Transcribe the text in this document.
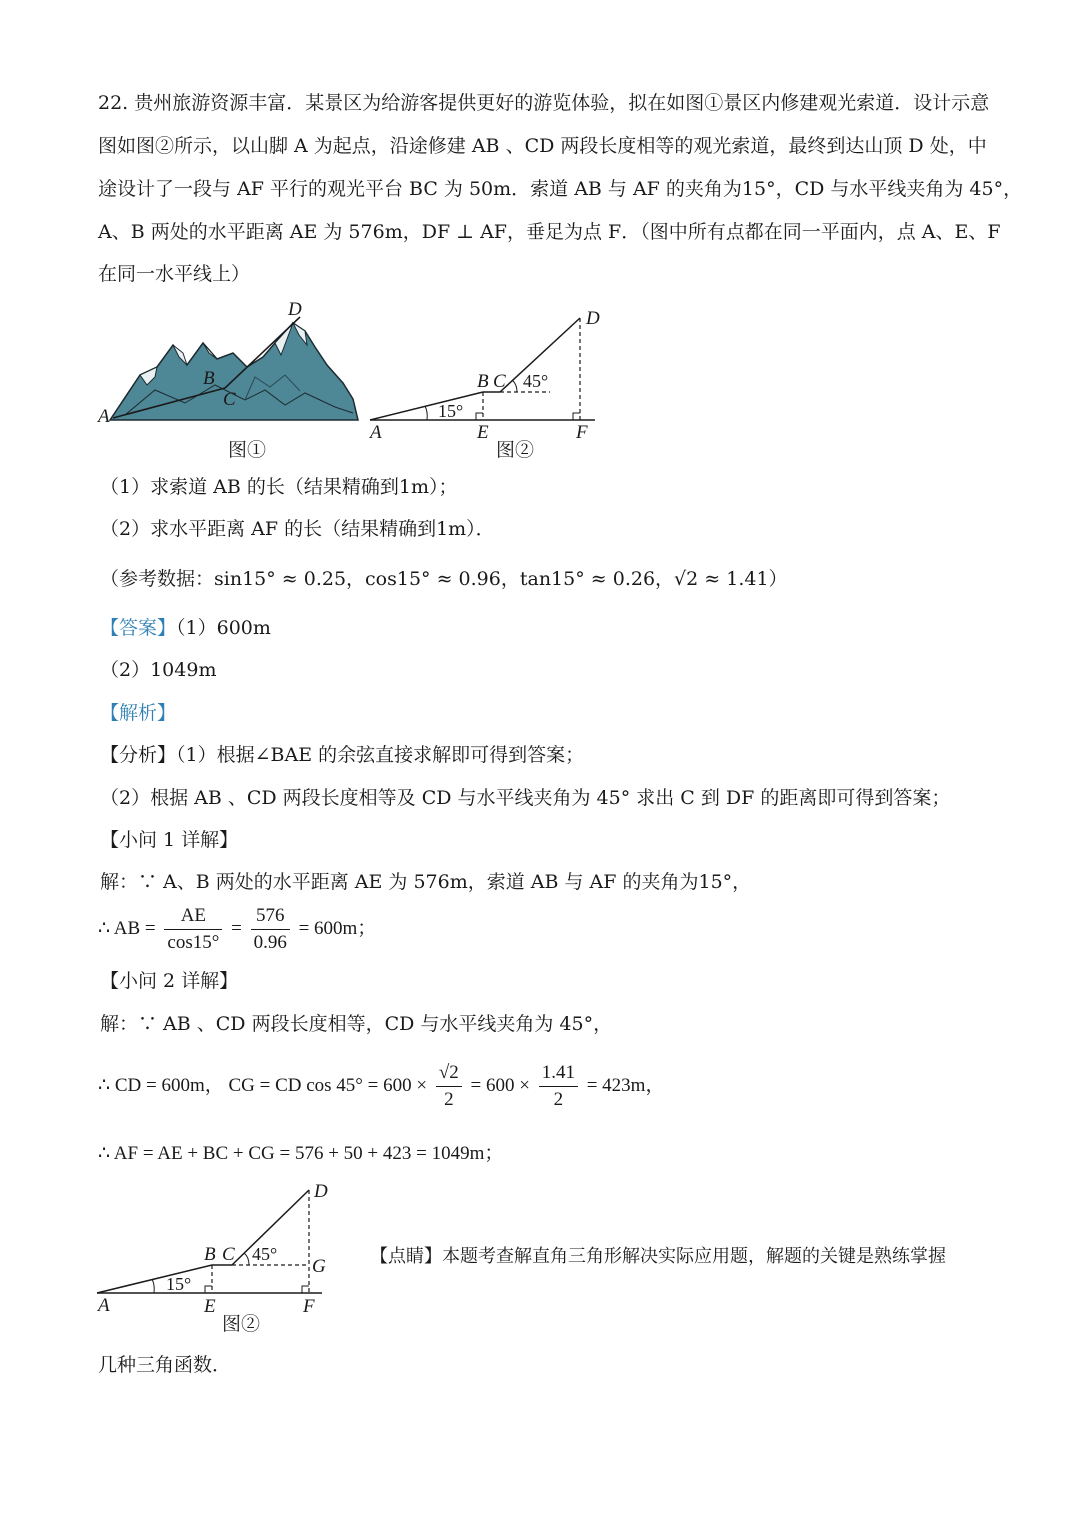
22. 贵州旅游资源丰富．某景区为给游客提供更好的游览体验，拟在如图①景区内修建观光索道．设计示意
图如图②所示，以山脚 A 为起点，沿途修建 AB 、CD 两段长度相等的观光索道，最终到达山顶 D 处，中
途设计了一段与 AF 平行的观光平台 BC 为 50m．索道 AB 与 AF 的夹角为15°，CD 与水平线夹角为 45°，
A、B 两处的水平距离 AE 为 576m，DF ⊥ AF，垂足为点 F．（图中所有点都在同一平面内，点 A、E、F
在同一水平线上）
A
B
C
D
图①
15°
45°
A
B C
D
E	F
图②
（1）求索道 AB 的长（结果精确到1m）；
（2）求水平距离 AF 的长（结果精确到1m）．
（参考数据：sin15° ≈ 0.25，cos15° ≈ 0.96，tan15° ≈ 0.26，√2 ≈ 1.41）
【答案】（1）600m
（2）1049m
【解析】
【分析】（1）根据∠BAE 的余弦直接求解即可得到答案；
（2）根据 AB 、CD 两段长度相等及 CD 与水平线夹角为 45° 求出 C 到 DF 的距离即可得到答案；
【小问 1 详解】
解：∵ A、B 两处的水平距离 AE 为 576m，索道 AB 与 AF 的夹角为15°，
∴ AB = $\frac{AE}{\cos 15^\circ} = \frac{576}{0.96} = 600m$；
【小问 2 详解】
解：∵ AB 、CD 两段长度相等，CD 与水平线夹角为 45°，
∴ CD = 600m， CG = CD $\cos 45^\circ = 600 \times \frac{√2}{2} = 600 \times \frac{1.41}{2} = 423m$，
∴ AF = AE + BC + CG = 576 + 50 + 423 = 1049m；
15°
45°
A
B C
D
E	F
G
图②
【点睛】本题考查解直角三角形解决实际应用题，解题的关键是熟练掌握
几种三角函数．
